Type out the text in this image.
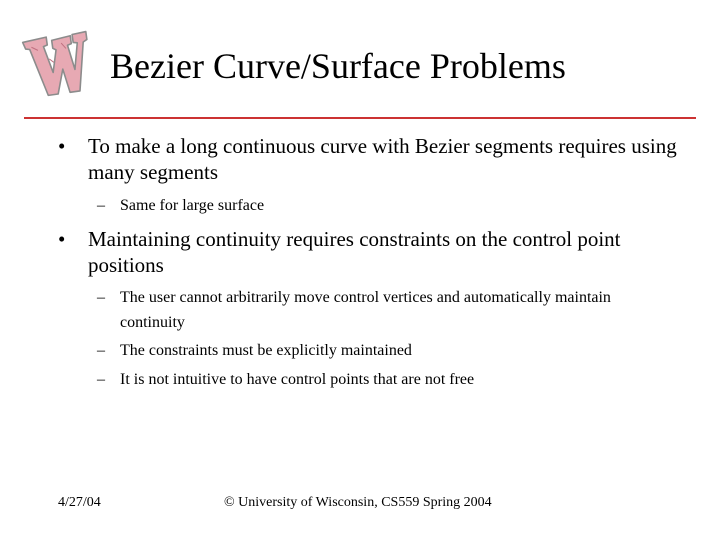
Bezier Curve/Surface Problems
• To make a long continuous curve with Bezier segments requires using many segments
– Same for large surface
• Maintaining continuity requires constraints on the control point positions
– The user cannot arbitrarily move control vertices and automatically maintain continuity
– The constraints must be explicitly maintained
– It is not intuitive to have control points that are not free
4/27/04	© University of Wisconsin, CS559 Spring 2004
